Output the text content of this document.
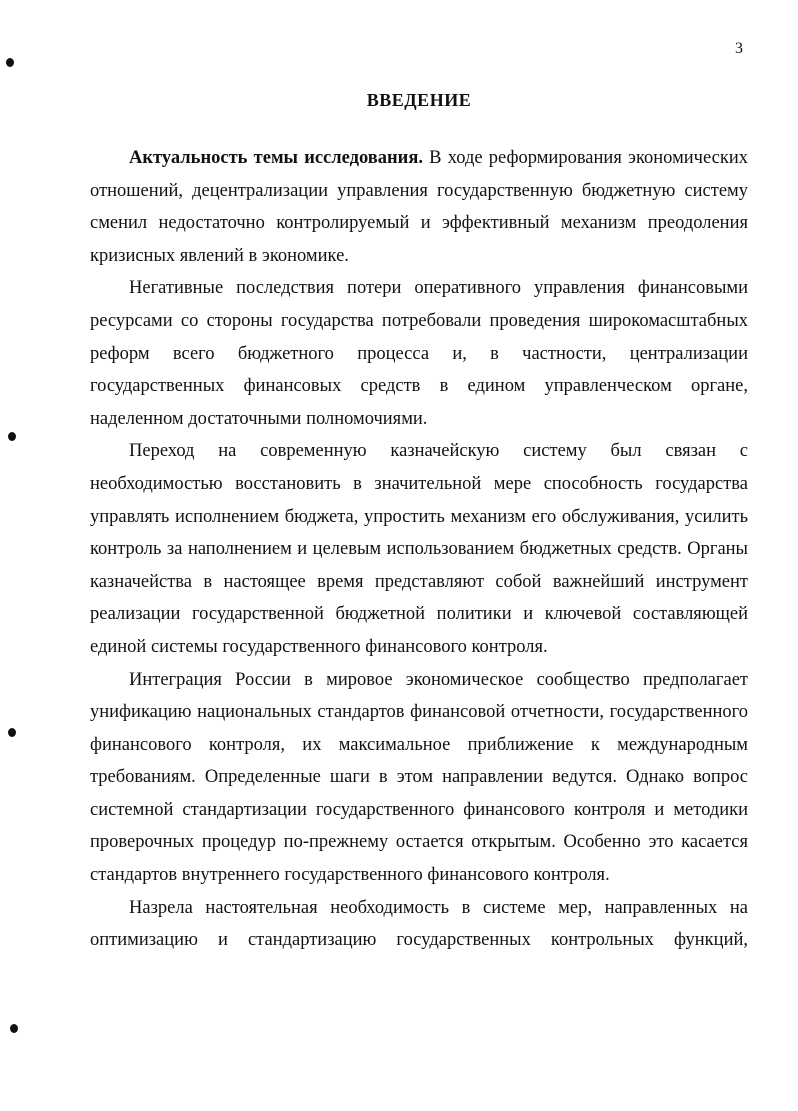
3
ВВЕДЕНИЕ

Актуальность темы исследования. В ходе реформирования экономических отношений, децентрализации управления государственную бюджетную систему сменил недостаточно контролируемый и эффективный механизм преодоления кризисных явлений в экономике.

Негативные последствия потери оперативного управления финансовыми ресурсами со стороны государства потребовали проведения широкомасштабных реформ всего бюджетного процесса и, в частности, централизации государственных финансовых средств в едином управленческом органе, наделенном достаточными полномочиями.

Переход на современную казначейскую систему был связан с необходимостью восстановить в значительной мере способность государства управлять исполнением бюджета, упростить механизм его обслуживания, усилить контроль за наполнением и целевым использованием бюджетных средств. Органы казначейства в настоящее время представляют собой важнейший инструмент реализации государственной бюджетной политики и ключевой составляющей единой системы государственного финансового контроля.

Интеграция России в мировое экономическое сообщество предполагает унификацию национальных стандартов финансовой отчетности, государственного финансового контроля, их максимальное приближение к международным требованиям. Определенные шаги в этом направлении ведутся. Однако вопрос системной стандартизации государственного финансового контроля и методики проверочных процедур по-прежнему остается открытым. Особенно это касается стандартов внутреннего государственного финансового контроля.

Назрела настоятельная необходимость в системе мер, направленных на оптимизацию и стандартизацию государственных контрольных функций,
